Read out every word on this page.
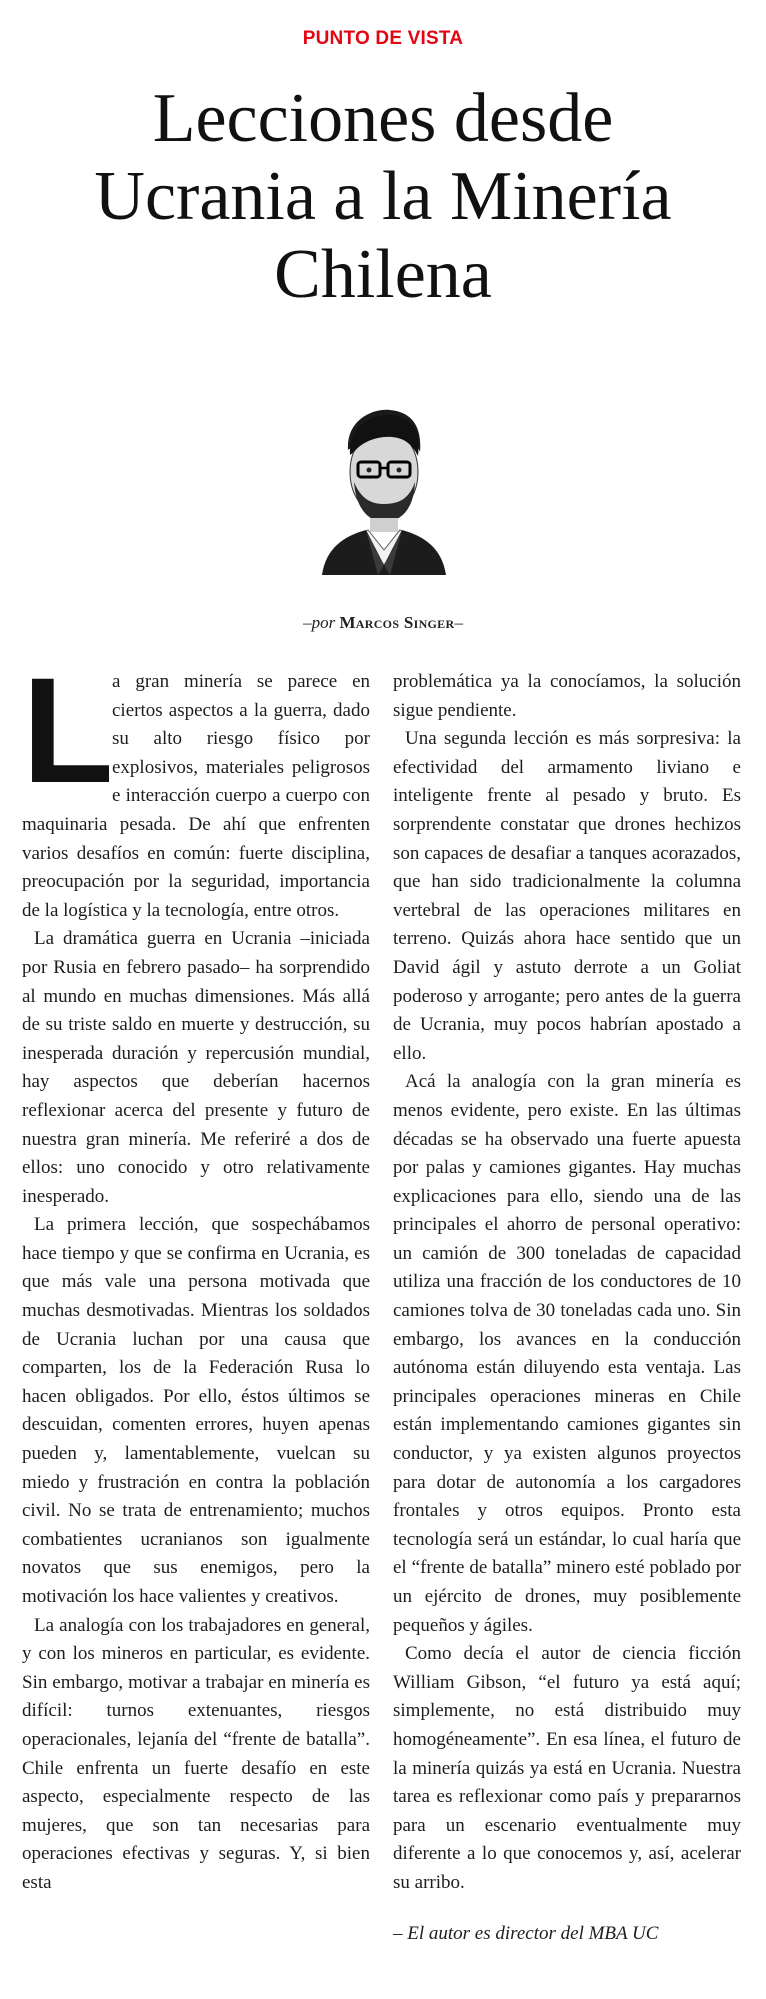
PUNTO DE VISTA
Lecciones desde
Ucrania a la Minería
Chilena
–por Marcos Singer–
L

a gran minería se parece en ciertos aspectos a la guerra, dado su alto riesgo físico por explosivos, materiales peligrosos e interacción cuerpo a cuerpo con maquinaria pesada. De ahí que enfrenten varios desafíos en común: fuerte disciplina, preocupación por la seguridad, importancia de la logística y la tecnología, entre otros.

La dramática guerra en Ucrania –iniciada por Rusia en febrero pasado– ha sorprendido al mundo en muchas dimensiones. Más allá de su triste saldo en muerte y destrucción, su inesperada duración y repercusión mundial, hay aspectos que deberían hacernos reflexionar acerca del presente y futuro de nuestra gran minería. Me referiré a dos de ellos: uno conocido y otro relativamente inesperado.

La primera lección, que sospechábamos hace tiempo y que se confirma en Ucrania, es que más vale una persona motivada que muchas desmotivadas. Mientras los soldados de Ucrania luchan por una causa que comparten, los de la Federación Rusa lo hacen obligados. Por ello, éstos últimos se descuidan, comenten errores, huyen apenas pueden y, lamentablemente, vuelcan su miedo y frustración en contra la población civil. No se trata de entrenamiento; muchos combatientes ucranianos son igualmente novatos que sus enemigos, pero la motivación los hace valientes y creativos.

La analogía con los trabajadores en general, y con los mineros en particular, es evidente. Sin embargo, motivar a trabajar en minería es difícil: turnos extenuantes, riesgos operacionales, lejanía del “frente de batalla”. Chile enfrenta un fuerte desafío en este aspecto, especialmente respecto de las mujeres, que son tan necesarias para operaciones efectivas y seguras. Y, si bien esta

problemática ya la conocíamos, la solución sigue pendiente.

Una segunda lección es más sorpresiva: la efectividad del armamento liviano e inteligente frente al pesado y bruto. Es sorprendente constatar que drones hechizos son capaces de desafiar a tanques acorazados, que han sido tradicionalmente la columna vertebral de las operaciones militares en terreno. Quizás ahora hace sentido que un David ágil y astuto derrote a un Goliat poderoso y arrogante; pero antes de la guerra de Ucrania, muy pocos habrían apostado a ello.

Acá la analogía con la gran minería es menos evidente, pero existe. En las últimas décadas se ha observado una fuerte apuesta por palas y camiones gigantes. Hay muchas explicaciones para ello, siendo una de las principales el ahorro de personal operativo: un camión de 300 toneladas de capacidad utiliza una fracción de los conductores de 10 camiones tolva de 30 toneladas cada uno. Sin embargo, los avances en la conducción autónoma están diluyendo esta ventaja. Las principales operaciones mineras en Chile están implementando camiones gigantes sin conductor, y ya existen algunos proyectos para dotar de autonomía a los cargadores frontales y otros equipos. Pronto esta tecnología será un estándar, lo cual haría que el “frente de batalla” minero esté poblado por un ejército de drones, muy posiblemente pequeños y ágiles.

Como decía el autor de ciencia ficción William Gibson, “el futuro ya está aquí; simplemente, no está distribuido muy homogéneamente”. En esa línea, el futuro de la minería quizás ya está en Ucrania. Nuestra tarea es reflexionar como país y prepararnos para un escenario eventualmente muy diferente a lo que conocemos y, así, acelerar su arribo.

– El autor es director del MBA UC
